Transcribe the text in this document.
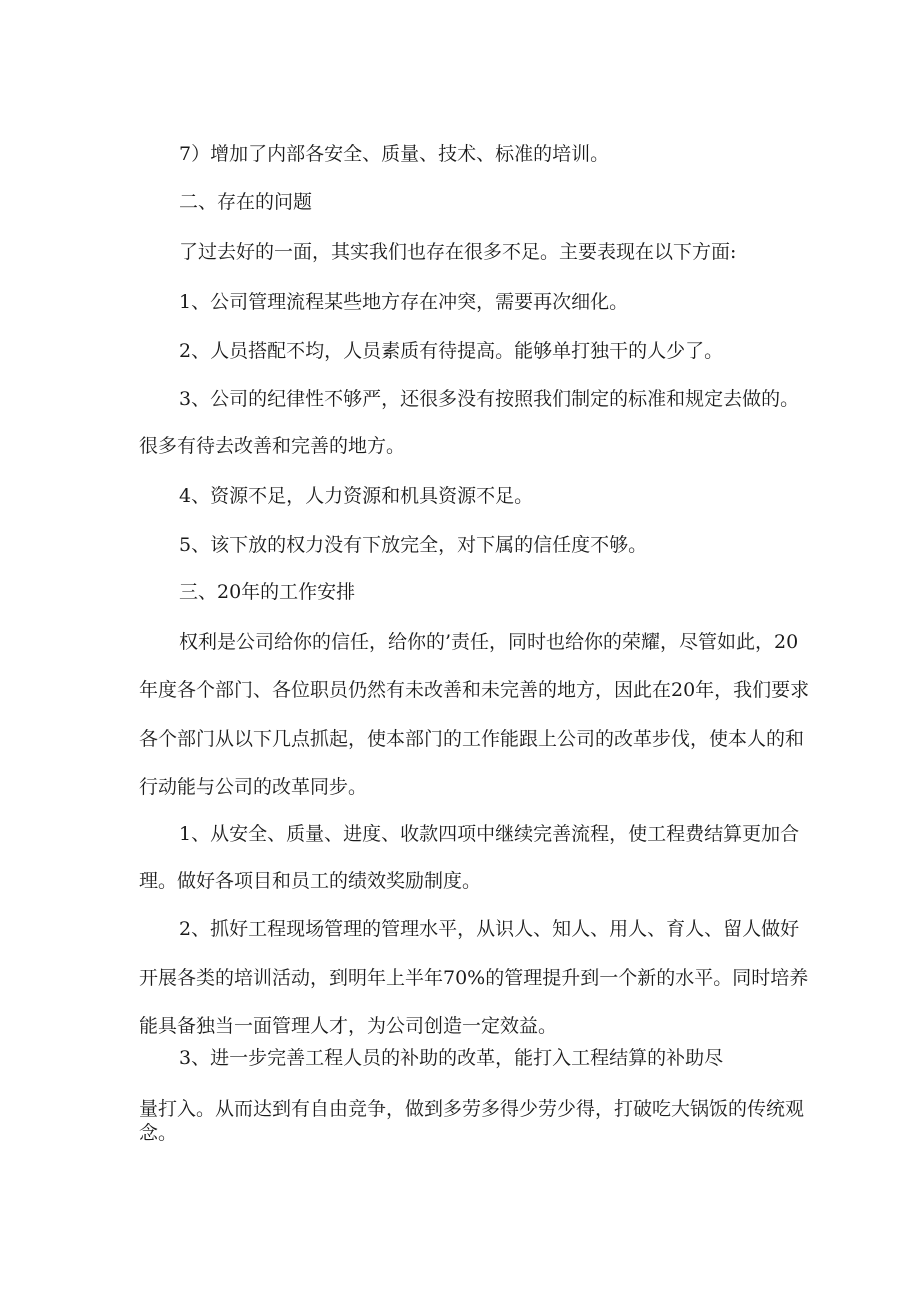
7）增加了内部各安全、质量、技术、标准的培训。
二、存在的问题
了过去好的一面，其实我们也存在很多不足。主要表现在以下方面:
1、公司管理流程某些地方存在冲突，需要再次细化。
2、人员搭配不均，人员素质有待提高。能够单打独干的人少了。
3、公司的纪律性不够严，还很多没有按照我们制定的标准和规定去做的。
很多有待去改善和完善的地方。
4、资源不足，人力资源和机具资源不足。
5、该下放的权力没有下放完全，对下属的信任度不够。
三、20年的工作安排
权利是公司给你的信任，给你的’责任，同时也给你的荣耀，尽管如此，20
年度各个部门、各位职员仍然有未改善和未完善的地方，因此在20年，我们要求
各个部门从以下几点抓起，使本部门的工作能跟上公司的改革步伐，使本人的和
行动能与公司的改革同步。
1、从安全、质量、进度、收款四项中继续完善流程，使工程费结算更加合
理。做好各项目和员工的绩效奖励制度。
2、抓好工程现场管理的管理水平，从识人、知人、用人、育人、留人做好
开展各类的培训活动，到明年上半年70%的管理提升到一个新的水平。同时培养
能具备独当一面管理人才，为公司创造一定效益。
3、进一步完善工程人员的补助的改革，能打入工程结算的补助尽
量打入。从而达到有自由竞争，做到多劳多得少劳少得，打破吃大锅饭的传统观
念。
